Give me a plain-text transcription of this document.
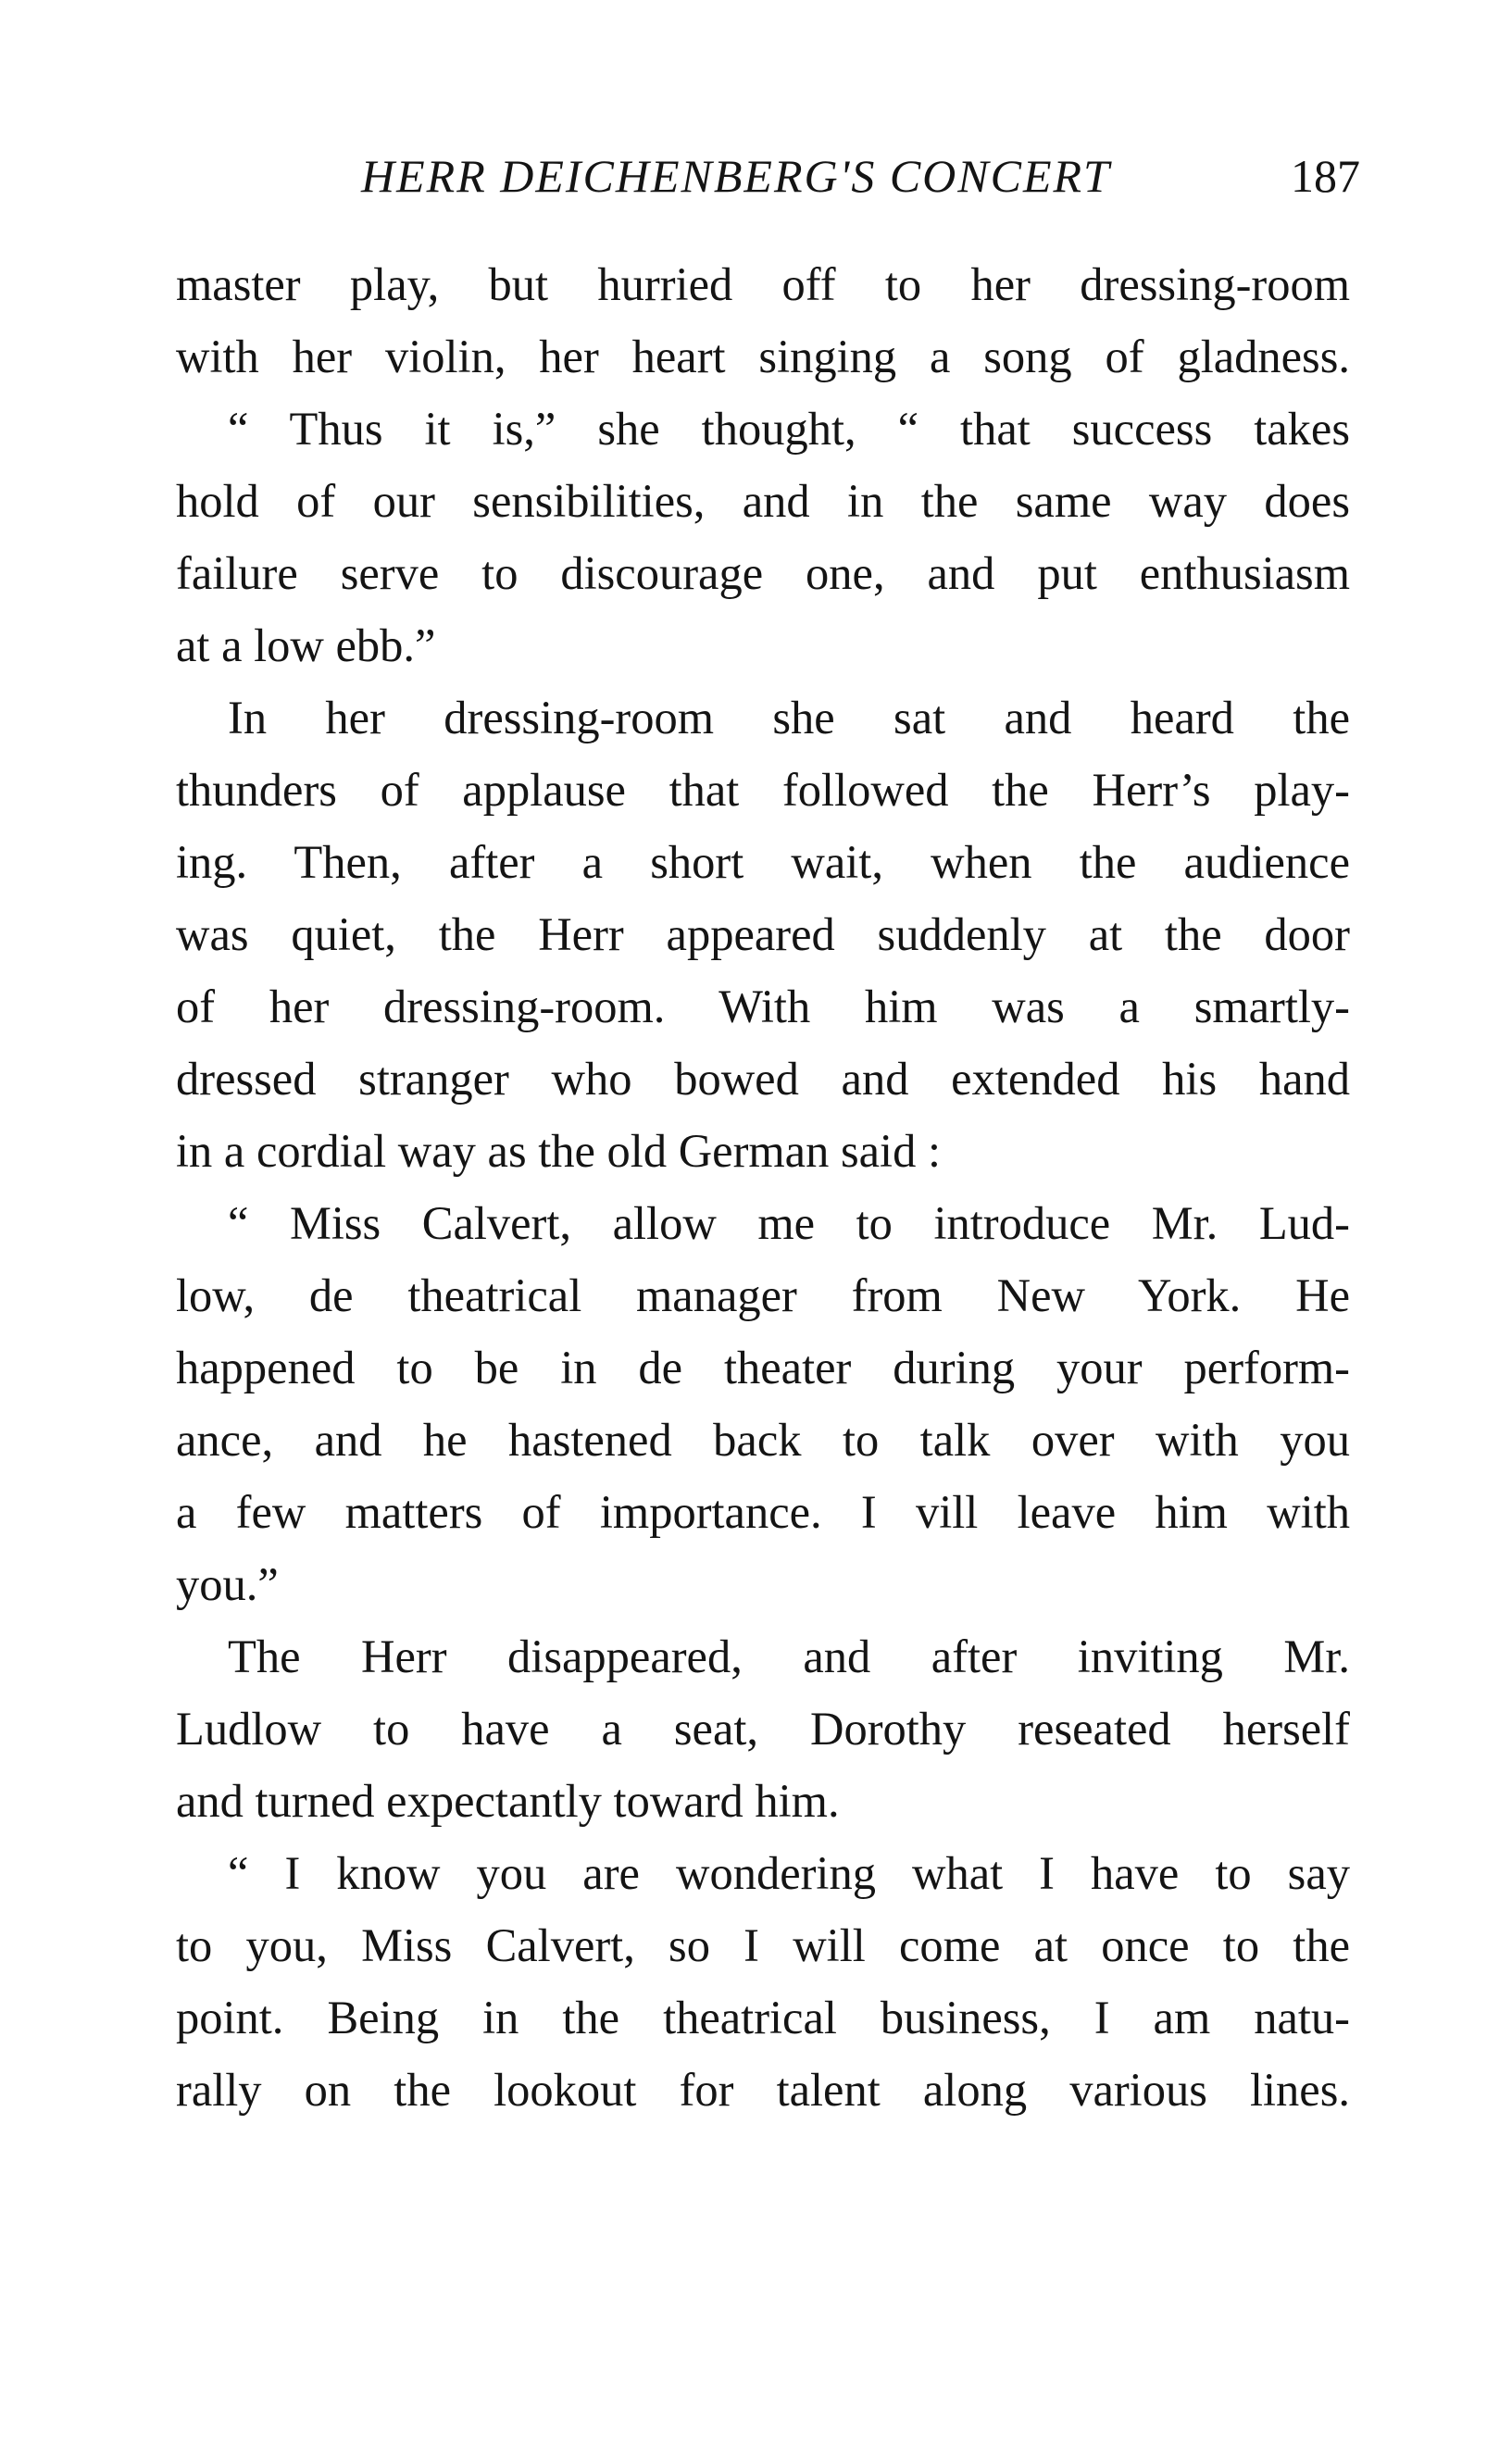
HERR DEICHENBERG'S CONCERT	187
master play, but hurried off to her dressing-room
with her violin, her heart singing a song of gladness.
“ Thus it is,” she thought, “ that success takes
hold of our sensibilities, and in the same way does
failure serve to discourage one, and put enthusiasm
at a low ebb.”
In her dressing-room she sat and heard the
thunders of applause that followed the Herr’s play-
ing. Then, after a short wait, when the audience
was quiet, the Herr appeared suddenly at the door
of her dressing-room. With him was a smartly-
dressed stranger who bowed and extended his hand
in a cordial way as the old German said :
“ Miss Calvert, allow me to introduce Mr. Lud-
low, de theatrical manager from New York. He
happened to be in de theater during your perform-
ance, and he hastened back to talk over with you
a few matters of importance. I vill leave him with
you.”
The Herr disappeared, and after inviting Mr.
Ludlow to have a seat, Dorothy reseated herself
and turned expectantly toward him.
“ I know you are wondering what I have to say
to you, Miss Calvert, so I will come at once to the
point. Being in the theatrical business, I am natu-
rally on the lookout for talent along various lines.
